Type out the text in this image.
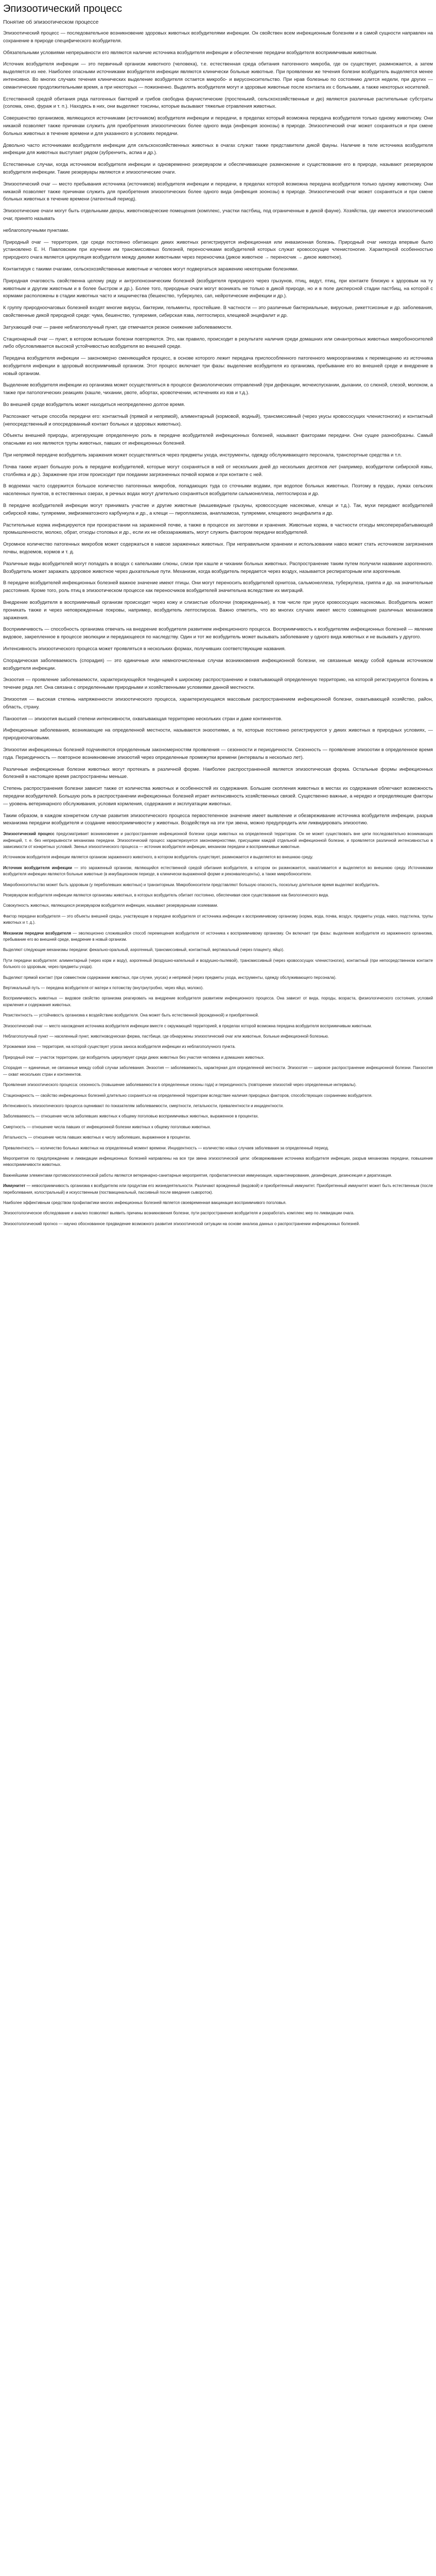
Эпизоотический процесс
Понятие об эпизоотическом процессе

Эпизоотический процесс — последовательное возникновение здоровых животных возбудителями инфекции. Он свойствен всем инфекционным болезням и в самой сущности направлен на сохранение в природе специфического возбудителя.

Обязательными условиями непрерывности его являются наличие источника возбудителя инфекции и обеспечение передачи возбудителя восприимчивым животным.

Источник возбудителя инфекции — это первичный организм животного (человека), т.е. естественная среда обитания патогенного микроба, где он существует, размножается, а затем выделяется из нее. Наиболее опасными источниками возбудителя инфекции являются клинически больные животные. При проявлении же течения болезни возбудитель выделяется менее интенсивно. Во многих случаях течения клинических выделение возбудителя остается микробо- и вирусоносительство. При нрав болезнью по состоянию длится недели, при других — семантические продолжительными время, а при некоторых — пожизненно. Выделять возбудителя могут и здоровые животные после контакта их с больными, а также некоторых носителей.

Естественной средой обитания ряда патогенных бактерий и грибов свободна фаунистические (простенький, сельскохозяйственные и дю) являются различные растительные субстраты (солома, сено, фураж и т. п.). Находясь в них, они выделяют токсины, которые вызывают тяжелые отравления животных.

Совершенство организмов, являющихся источниками (источником) возбудителя инфекции и передачи, в пределах который возможна передача возбудителя только одному животному. Они никакой позволяет также причинам служить для приобретения эпизоотических более одного вида (инфекция зоонозы) в природе. Эпизоотический очаг может сохраняться и при смене больных животных в течение времени и для указанного в условиях передачи.

Довольно часто источниками возбудителя инфекции для сельскохозяйственных животных в очагах служат также представители дикой фауны. Наличие в теле источника возбудителя инфекции для животных выступает рядом (зубренчить, аспиа и др.).

Естественные случаи, когда источником возбудителя инфекции и одновременно резервуаром и обеспечивающее размножение и существование его в природе, называют резервуаром возбудителя инфекции. Такие резервуары являются и эпизоотические очаги.

Эпизоотический очаг — место пребывания источника (источников) возбудителя инфекции и передачи, в пределах которой возможна передача возбудителя только одному животному. Они никакой позволяет также причинам служить для приобретения эпизоотических более одного вида (инфекция зоонозы) в природе. Эпизоотический очаг может сохраняться и при смене больных животных в течение времени (латентный период).

Эпизоотические очаги могут быть отдельными дворы, животноводческие помещения (комплекс, участки пастбищ, под ограниченные в дикой фауне). Хозяйства, где имеется эпизоотический очаг, принято называть

неблагополучными пунктами.

Природный очаг — территория, где среди постоянно обитающих диких животных регистрируется инфекционная или инвазионная болезнь. Природный очаг никогда впервые было установлено Е. Н. Павловским при изучении им трансмиссивных болезней, переносчиками возбудителей которых служат кровососущие членистоногие. Характерной особенностью природного очага является циркуляция возбудителя между дикими животными через переносчика (дикое животное → переносчик → дикое животное).

Контактируя с такими очагами, сельскохозяйственные животные и человек могут подвергаться заражению некоторыми болезнями.

Природная очаговость свойственна целому ряду и антропонозническим болезней (возбудителя природного через грызунов, птиц, ведут, птиц, при контакте близкую к здоровым на ту животным и другим животным и в более быстром и др.). Более того, природные очаги могут возникать не только в дикой природе, но и в поле дисперсной стадии пастбищ, на которой с кормами расположены в стадии животных часто и хищничества (бешенство, туберкулез, сап, нейротические инфекции и др.).

К группу природноочаговых болезней входят многие вирусы, бактерии, гельминты, простейшие. В частности — это различные бактериальные, вирусные, рикеттсиозные и др. заболевания, свойственные дикой природной среде: чума, бешенство, туляремия, сибирская язва, лептоспироз, клещевой энцефалит и др.

Затухающий очаг — ранее неблагополучный пункт, где отмечается резкое снижение заболеваемости.

Стационарный очаг — пункт, в котором вспышки болезни повторяются. Это, как правило, происходит в результате наличия среди домашних или синантропных животных микробоносителей либо обусловливается высокой устойчивостью возбудителя во внешней среде.

Передача возбудителя инфекции — закономерно сменяющийся процесс, в основе которого лежит передача приспособленного патогенного микроорганизма к перемещению из источника возбудителя инфекции в здоровый восприимчивый организм. Этот процесс включает три фазы: выделение возбудителя из организма, пребывание его во внешней среде и внедрение в новый организм.

Выделение возбудителя инфекции из организма может осуществляться в процессе физиологических отправлений (при дефекации, мочеиспускании, дыхании, со слюной, слезой, молоком, а также при патологических реакциях (кашле, чихании, рвоте, абортах, кровотечении, истечениях из язв и т.д.).

Во внешней среде возбудитель может находиться неопределенно долгое время.

Распознают четыре способа передачи его: контактный (прямой и непрямой), алиментарный (кормовой, водный), трансмиссивный (через укусы кровососущих членистоногих) и контактный (непосредственный и опосредованный контакт больных и здоровых животных).

Объекты внешней природы, агрегирующие определенную роль в передаче возбудителей инфекционных болезней, называют факторами передачи. Они сущее разнообразны. Самый опасными из них являются трупы животных, павших от инфекционных болезней.

При непрямой передаче возбудитель заражения может осуществляться через предметы ухода, инструменты, одежду обслуживающего персонала, транспортные средства и т.п.

Почва также играет большую роль в передаче возбудителей, которые могут сохраняться в ней от нескольких дней до нескольких десятков лет (например, возбудители сибирской язвы, столбняка и др.). Заражение при этом происходит при поедании загрязненных почвой кормов и при контакте с ней.

В водоемах часто содержится большое количество патогенных микробов, попадающих туда со сточными водами, при водопое больных животных. Поэтому в прудах, лужах сельских населенных пунктов, в естественных озерах, в речных водах могут длительно сохраняться возбудители сальмонеллеза, лептоспироза и др.

В передаче возбудителей инфекции могут принимать участие и другие животные (мышевидные грызуны, кровососущие насекомые, клещи и т.д.). Так, мухи передают возбудителей сибирской язвы, туляремии, эмфизематозного карбункула и др., а клещи — пироплазмоза, анаплазмоза, туляремии, клещевого энцефалита и др.

Растительные корма инфицируются при произрастании на зараженной почве, а также в процессе их заготовки и хранения. Животные корма, в частности отходы мясоперерабатывающей промышленности, молоко, обрат, отходы столовых и др., если их не обеззараживать, могут служить фактором передачи возбудителей.

Огромное количество патогенных микробов может содержаться в навозе зараженных животных. При неправильном хранении и использовании навоз может стать источником загрязнения почвы, водоемов, кормов и т. д.

Различные виды возбудителей могут попадать в воздух с капельками слюны, слизи при кашле и чихании больных животных. Распространение таким путем получили название аэрогенного. Возбудитель может заражать здоровое животное через дыхательные пути. Механизм, когда возбудитель передается через воздух, называется респираторным или аэрогенным.

В передаче возбудителей инфекционных болезней важное значение имеют птицы. Они могут переносить возбудителей орнитоза, сальмонеллеза, туберкулеза, гриппа и др. на значительные расстояния. Кроме того, роль птиц в эпизоотическом процессе как переносчиков возбудителей значительна вследствие их миграций.

Внедрение возбудителя в восприимчивый организм происходит через кожу и слизистые оболочки (поврежденные), в том числе при укусе кровососущих насекомых. Возбудитель может проникать также и через неповрежденные покровы, например, возбудитель лептоспироза. Важно отметить, что во многих случаях имеет место совмещение различных механизмов заражения.

Восприимчивость — способность организма отвечать на внедрение возбудителя развитием инфекционного процесса. Восприимчивость к возбудителям инфекционных болезней — явление видовое, закрепленное в процессе эволюции и передающееся по наследству. Один и тот же возбудитель может вызывать заболевание у одного вида животных и не вызывать у другого.

Интенсивность эпизоотического процесса может проявляться в нескольких формах, получивших соответствующие названия.

Спорадическая заболеваемость (спорадия) — это единичные или немногочисленные случаи возникновения инфекционной болезни, не связанные между собой единым источником возбудителя инфекции.

Энзоотия — проявление заболеваемости, характеризующейся тенденцией к широкому распространению и охватывающей определенную территорию, на которой регистрируется болезнь в течение ряда лет. Она связана с определенными природными и хозяйственными условиями данной местности.

Эпизоотия — высокая степень напряженности эпизоотического процесса, характеризующаяся массовым распространением инфекционной болезни, охватывающей хозяйство, район, область, страну.

Панзоотия — эпизоотия высшей степени интенсивности, охватывающая территорию нескольких стран и даже континентов.

Инфекционные заболевания, возникающие на определенной местности, называются энзоотиями, а те, которые постоянно регистрируются у диких животных в природных условиях, — природноочаговыми.

Эпизоотии инфекционных болезней подчиняются определенным закономерностям проявления — сезонности и периодичности. Сезонность — проявление эпизоотии в определенное время года. Периодичность — повторное возникновение эпизоотий через определенные промежутки времени (интервалы в несколько лет).

Различные инфекционные болезни животных могут протекать в различной форме. Наиболее распространенной является эпизоотическая форма. Остальные формы инфекционных болезней в настоящее время распространены меньше.

Степень распространения болезни зависит также от количества животных и особенностей их содержания. Большие скопления животных в местах их содержания облегчают возможность передачи возбудителей. Большую роль в распространении инфекционных болезней играет интенсивность хозяйственных связей. Существенно важные, а нередко и определяющие факторы — уровень ветеринарного обслуживания, условия кормления, содержания и эксплуатации животных.

Таким образом, в каждом конкретном случае развития эпизоотического процесса первостепенное значение имеет выявление и обезвреживание источника возбудителя инфекции, разрыв механизма передачи возбудителя и создание невосприимчивости у животных. Воздействуя на эти три звена, можно предупредить или ликвидировать эпизоотию.

Эпизоотический процесс предусматривает возникновение и распространение инфекционной болезни среди животных на определенной территории. Он не может существовать вне цепи последовательно возникающих инфекций, т. е. без непрерывности механизма передачи. Эпизоотический процесс характеризуется закономерностями, присущими каждой отдельной инфекционной болезни, и проявляется различной интенсивностью в зависимости от конкретных условий. Звенья эпизоотического процесса — источник возбудителя инфекции, механизм передачи и восприимчивые животные.

Источником возбудителя инфекции является организм зараженного животного, в котором возбудитель существует, размножается и выделяется во внешнюю среду.

Источник возбудителя инфекции — это зараженный организм, являющийся естественной средой обитания возбудителя, в котором он размножается, накапливается и выделяется во внешнюю среду. Источниками возбудителя инфекции являются больные животные (в инкубационном периоде, в клинически выраженной форме и реконвалесценты), а также микробоносители.

Микробоносительство может быть здоровым (у переболевших животных) и транзиторным. Микробоносители представляют большую опасность, поскольку длительное время выделяют возбудитель.

Резервуаром возбудителя инфекции являются организмы животных, в которых возбудитель обитает постоянно, обеспечивая свое существование как биологического вида.

Совокупность животных, являющихся резервуаром возбудителя инфекции, называют резервуарными хозяевами.

Фактор передачи возбудителя — это объекты внешней среды, участвующие в передаче возбудителя от источника инфекции к восприимчивому организму (корма, вода, почва, воздух, предметы ухода, навоз, подстилка, трупы животных и т. д.).

Механизм передачи возбудителя — эволюционно сложившийся способ перемещения возбудителя от источника к восприимчивому организму. Он включает три фазы: выделение возбудителя из зараженного организма, пребывание его во внешней среде, внедрение в новый организм.

Выделяют следующие механизмы передачи: фекально-оральный, аэрогенный, трансмиссивный, контактный, вертикальный (через плаценту, яйцо).

Пути передачи возбудителя: алиментарный (через корм и воду), аэрогенный (воздушно-капельный и воздушно-пылевой), трансмиссивный (через кровососущих членистоногих), контактный (при непосредственном контакте больного со здоровым, через предметы ухода).

Выделяют прямой контакт (при совместном содержании животных, при случке, укусах) и непрямой (через предметы ухода, инструменты, одежду обслуживающего персонала).

Вертикальный путь — передача возбудителя от матери к потомству (внутриутробно, через яйцо, молоко).

Восприимчивость животных — видовое свойство организма реагировать на внедрение возбудителя развитием инфекционного процесса. Она зависит от вида, породы, возраста, физиологического состояния, условий кормления и содержания животных.

Резистентность — устойчивость организма к воздействию возбудителя. Она может быть естественной (врожденной) и приобретенной.

Эпизоотический очаг — место нахождения источника возбудителя инфекции вместе с окружающей территорией, в пределах которой возможна передача возбудителя восприимчивым животным.

Неблагополучный пункт — населенный пункт, животноводческая ферма, пастбище, где обнаружены эпизоотический очаг или животные, больные инфекционной болезнью.

Угрожаемая зона — территория, на которой существует угроза заноса возбудителя инфекции из неблагополучного пункта.

Природный очаг — участок территории, где возбудитель циркулирует среди диких животных без участия человека и домашних животных.

Спорадия — единичные, не связанные между собой случаи заболевания. Энзоотия — заболеваемость, характерная для определенной местности. Эпизоотия — широкое распространение инфекционной болезни. Панзоотия — охват нескольких стран и континентов.

Проявления эпизоотического процесса: сезонность (повышение заболеваемости в определенные сезоны года) и периодичность (повторение эпизоотий через определенные интервалы).

Стационарность — свойство инфекционных болезней длительно сохраняться на определенной территории вследствие наличия природных факторов, способствующих сохранению возбудителя.

Интенсивность эпизоотического процесса оценивают по показателям заболеваемости, смертности, летальности, превалентности и инцидентности.

Заболеваемость — отношение числа заболевших животных к общему поголовью восприимчивых животных, выраженное в процентах.

Смертность — отношение числа павших от инфекционной болезни животных к общему поголовью животных.

Летальность — отношение числа павших животных к числу заболевших, выраженное в процентах.

Превалентность — количество больных животных на определенный момент времени. Инцидентность — количество новых случаев заболевания за определенный период.

Мероприятия по предупреждению и ликвидации инфекционных болезней направлены на все три звена эпизоотической цепи: обезвреживание источника возбудителя инфекции, разрыв механизма передачи, повышение невосприимчивости животных.

Важнейшими элементами противоэпизоотической работы являются ветеринарно-санитарные мероприятия, профилактическая иммунизация, карантинирование, дезинфекция, дезинсекция и дератизация.

Иммунитет — невосприимчивость организма к возбудителю или продуктам его жизнедеятельности. Различают врожденный (видовой) и приобретенный иммунитет. Приобретенный иммунитет может быть естественным (после переболевания, колостральный) и искусственным (поствакцинальный, пассивный после введения сывороток).

Наиболее эффективным средством профилактики многих инфекционных болезней является своевременная вакцинация восприимчивого поголовья.

Эпизоотологическое обследование и анализ позволяют выявить причины возникновения болезни, пути распространения возбудителя и разработать комплекс мер по ликвидации очага.

Эпизоотологический прогноз — научно обоснованное предвидение возможного развития эпизоотической ситуации на основе анализа данных о распространении инфекционных болезней.
